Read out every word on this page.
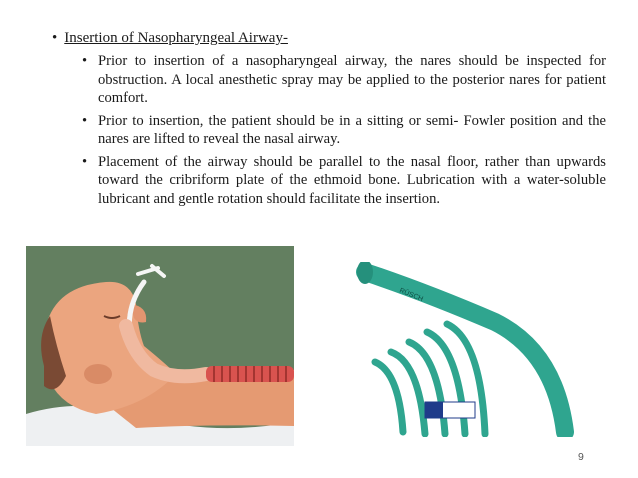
• Insertion of Nasopharyngeal Airway-
• Prior to insertion of a nasopharyngeal airway, the nares should be inspected for obstruction. A local anesthetic spray may be applied to the posterior nares for patient comfort.
• Prior to insertion, the patient should be in a sitting or semi- Fowler position and the nares are lifted to reveal the nasal airway.
• Placement of the airway should be parallel to the nasal floor, rather than upwards toward the cribriform plate of the ethmoid bone. Lubrication with a water-soluble lubricant and gentle rotation should facilitate the insertion.
RÜSCH
9
